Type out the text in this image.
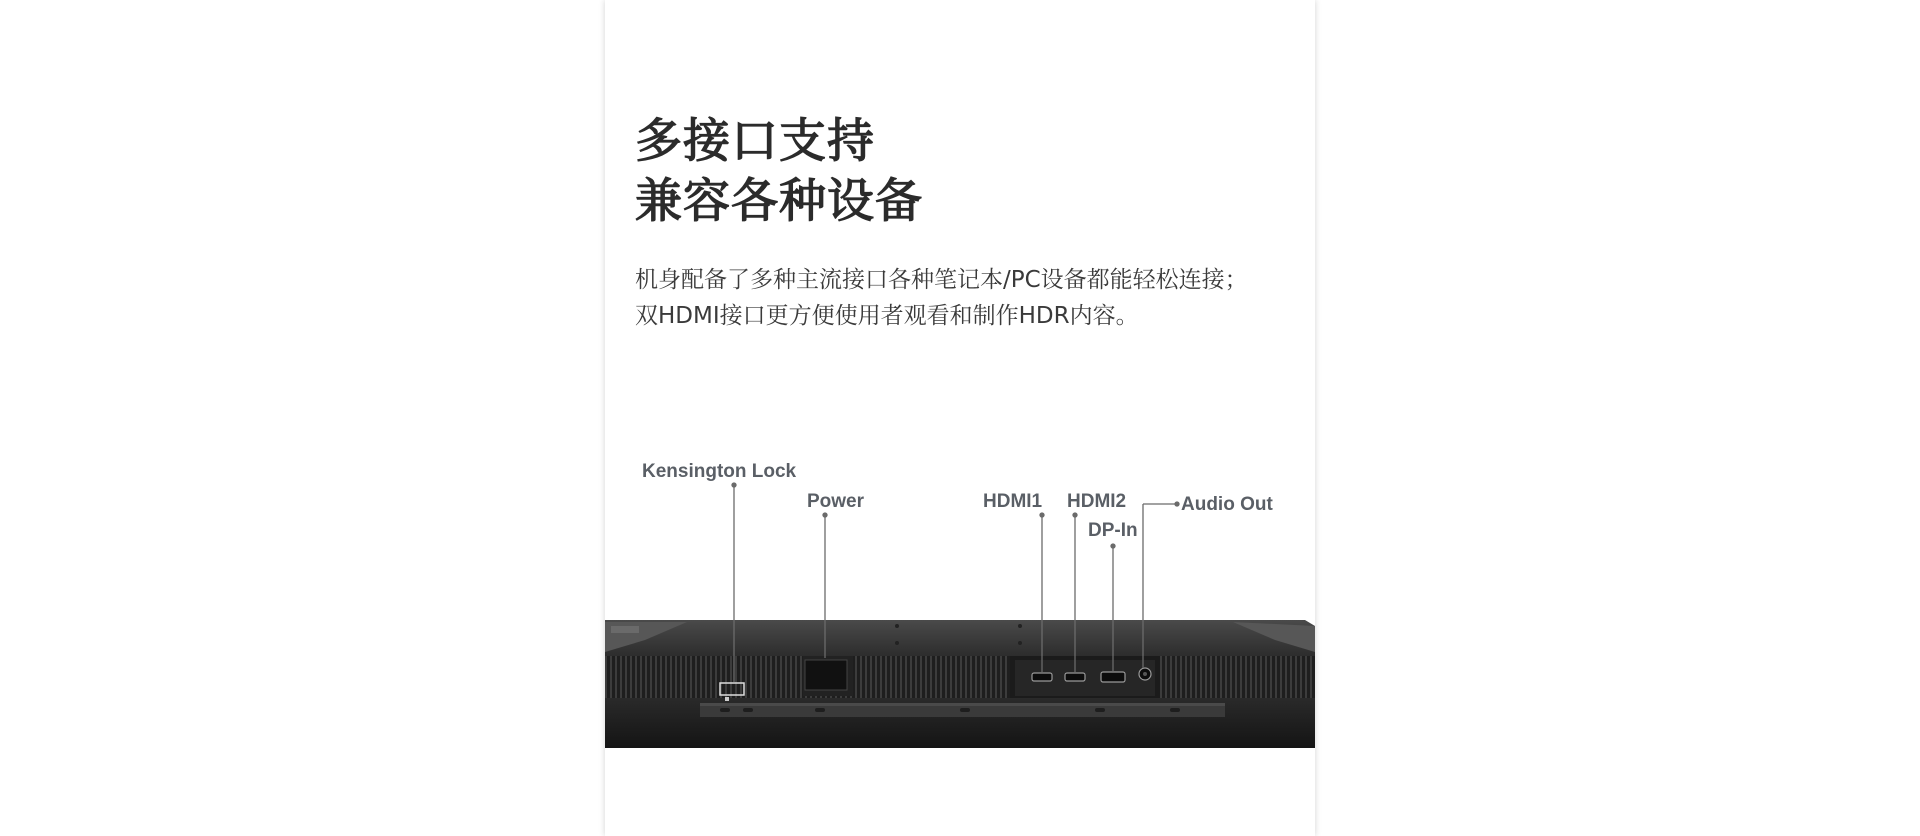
多接口支持
兼容各种设备

机身配备了多种主流接口各种笔记本/PC设备都能轻松连接；
双HDMI接口更方便使用者观看和制作HDR内容。

Kensington Lock
Power	HDMI1 HDMI2
DP-In
Audio Out
